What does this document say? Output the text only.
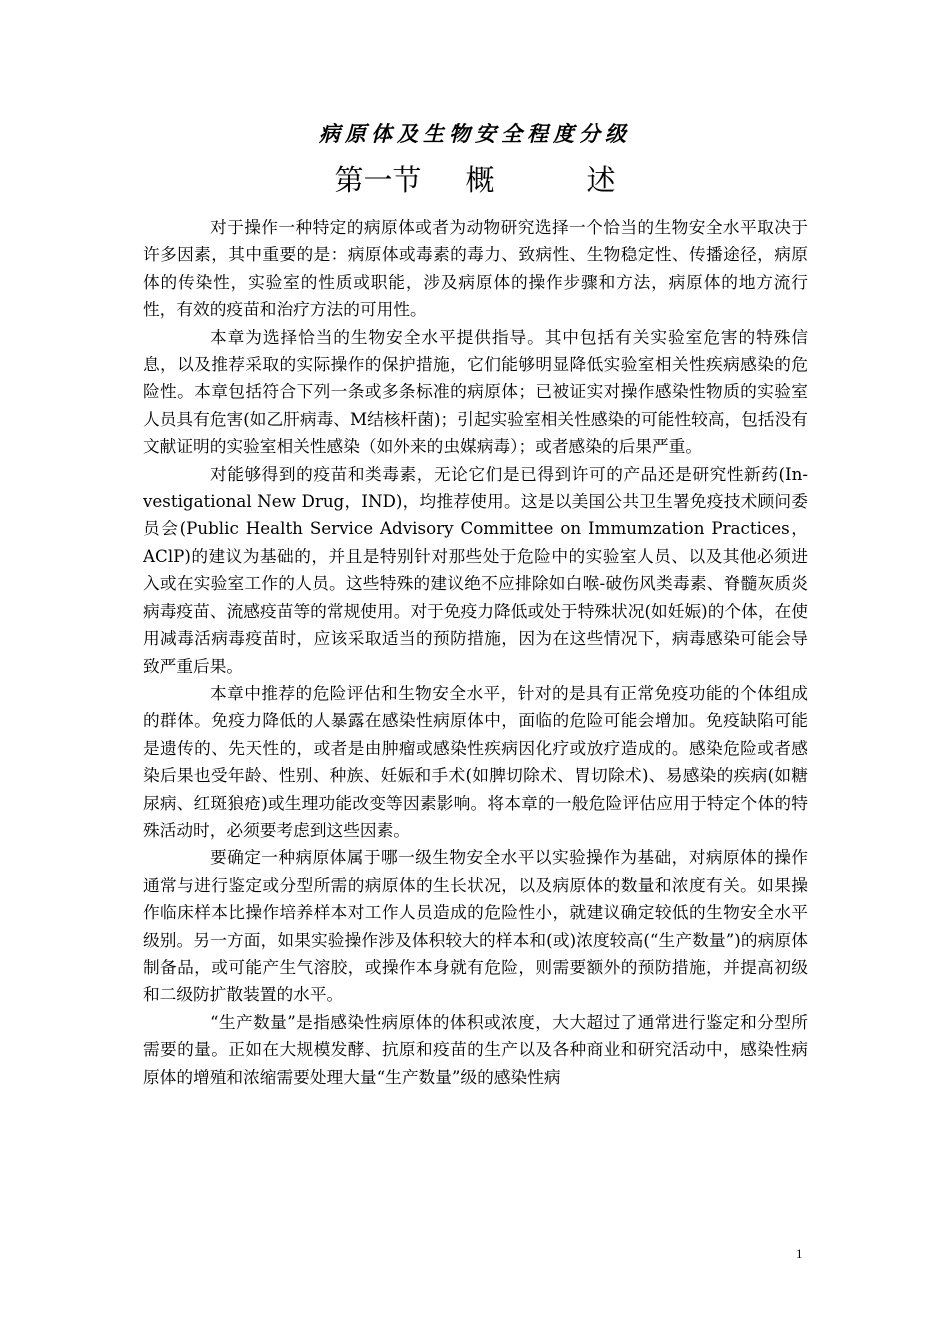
病原体及生物安全程度分级
第一节 概	述

对于操作一种特定的病原体或者为动物研究选择一个恰当的生物安全水平取决于许多因素，其中重要的是：病原体或毒素的毒力、致病性、生物稳定性、传播途径，病原体的传染性，实验室的性质或职能，涉及病原体的操作步骤和方法，病原体的地方流行性，有效的疫苗和治疗方法的可用性。

本章为选择恰当的生物安全水平提供指导。其中包括有关实验室危害的特殊信息，以及推荐采取的实际操作的保护措施，它们能够明显降低实验室相关性疾病感染的危险性。本章包括符合下列一条或多条标准的病原体；已被证实对操作感染性物质的实验室人员具有危害(如乙肝病毒、M结核杆菌)；引起实验室相关性感染的可能性较高，包括没有文献证明的实验室相关性感染（如外来的虫媒病毒）；或者感染的后果严重。

对能够得到的疫苗和类毒素，无论它们是已得到许可的产品还是研究性新药(In-vestigational New Drug，IND)，均推荐使用。这是以美国公共卫生署免疫技术顾问委员会(Public Health Service Advisory Committee on Immumzation Practices，AClP)的建议为基础的，并且是特别针对那些处于危险中的实验室人员、以及其他必须进入或在实验室工作的人员。这些特殊的建议绝不应排除如白喉-破伤风类毒素、脊髓灰质炎病毒疫苗、流感疫苗等的常规使用。对于免疫力降低或处于特殊状况(如妊娠)的个体，在使用减毒活病毒疫苗时，应该采取适当的预防措施，因为在这些情况下，病毒感染可能会导致严重后果。

本章中推荐的危险评估和生物安全水平，针对的是具有正常免疫功能的个体组成的群体。免疫力降低的人暴露在感染性病原体中，面临的危险可能会增加。免疫缺陷可能是遗传的、先天性的，或者是由肿瘤或感染性疾病因化疗或放疗造成的。感染危险或者感染后果也受年龄、性别、种族、妊娠和手术(如脾切除术、胃切除术)、易感染的疾病(如糖尿病、红斑狼疮)或生理功能改变等因素影响。将本章的一般危险评估应用于特定个体的特殊活动时，必须要考虑到这些因素。

要确定一种病原体属于哪一级生物安全水平以实验操作为基础，对病原体的操作通常与进行鉴定或分型所需的病原体的生长状况，以及病原体的数量和浓度有关。如果操作临床样本比操作培养样本对工作人员造成的危险性小，就建议确定较低的生物安全水平级别。另一方面，如果实验操作涉及体积较大的样本和(或)浓度较高(“生产数量”)的病原体制备品，或可能产生气溶胶，或操作本身就有危险，则需要额外的预防措施，并提高初级和二级防扩散装置的水平。

“生产数量”是指感染性病原体的体积或浓度，大大超过了通常进行鉴定和分型所需要的量。正如在大规模发酵、抗原和疫苗的生产以及各种商业和研究活动中，感染性病原体的增殖和浓缩需要处理大量“生产数量”级的感染性病

1
